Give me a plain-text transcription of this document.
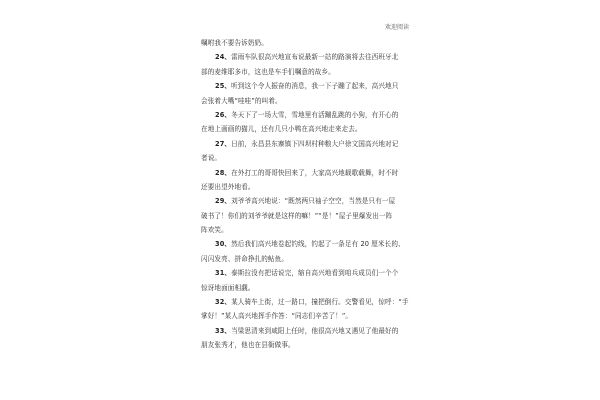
欢迎阅读
嘱咐我不要告诉奶奶。
24、雷雨车队很高兴地宣布说最新一站的路演将去往西班牙北
部的麦维耶多市，这也是车手们嘱意的故乡。
25、听到这个令人振奋的消息，我一下子蹦了起来，高兴地只
会张着大嘴“哇哇”的叫着。
26、冬天下了一场大雪，雪地里有活蹦乱跳的小狗，有开心的
在地上画画的猫儿，还有几只小鸭在高兴地走来走去。
27、日前，永昌县东寨镇下四坝村种粮大户徐文国高兴地对记
者说。
28、在外打工的哥哥快回来了，大家高兴地载歌载舞，时不时
还要出望外地看。
29、刘爷爷高兴地说：“既然两只袖子空空，当然是只有一屋
破书了！你们的刘爷爷就是这样的嘛！”“是！”屋子里爆发出一阵
阵欢笑。
30、然后我们高兴地卷起钓线，钓起了一条足有 20 厘米长的、
闪闪发亮、拼命挣扎的鲇鱼。
31、泰斯拉没有把话说完，缩自高兴地看到咱兵成员们一个个
惊讶地面面相觑。
32、某人骑车上街，过一路口，撞把倒行。交警看见，惊呼：“手
掌好！”某人高兴地挥手作答：“同志们辛苦了！”。
33、当梁思清来到咸阳上任时，他很高兴地又遇见了他最好的
朋友张秀才，他也在县衙做事。
